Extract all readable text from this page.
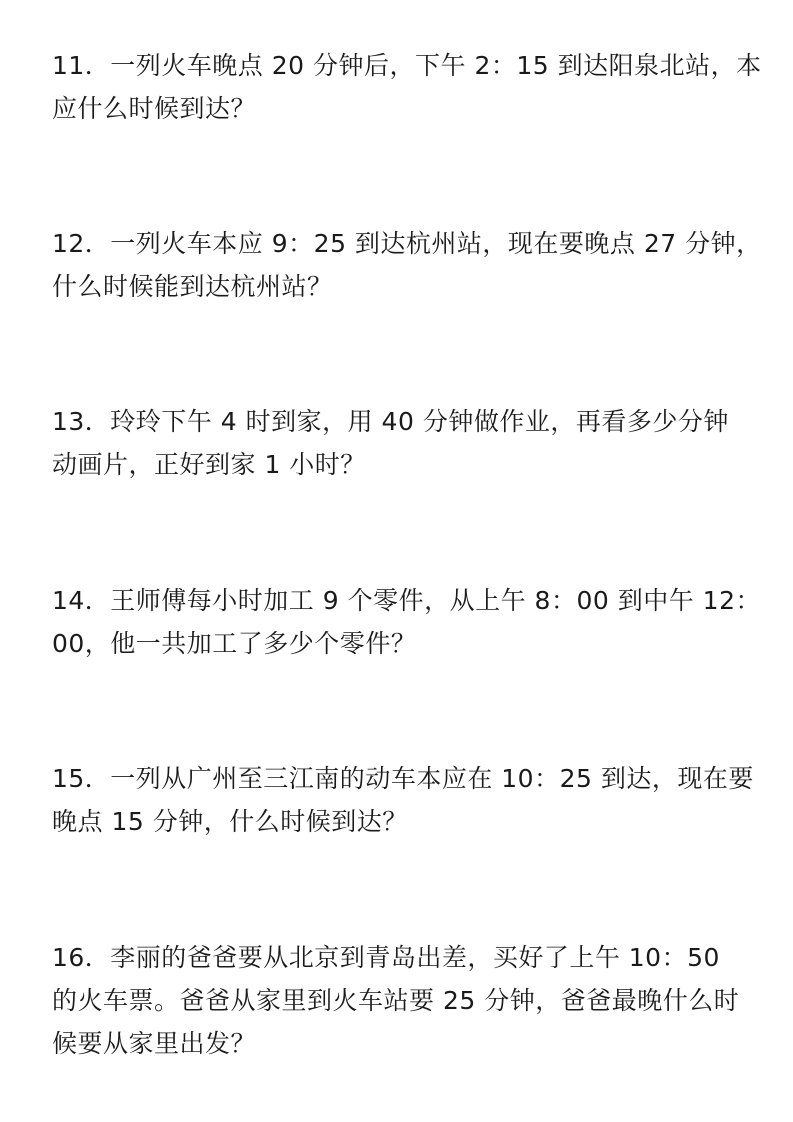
11．一列火车晚点 20 分钟后，下午 2：15 到达阳泉北站，本
应什么时候到达？
12．一列火车本应 9：25 到达杭州站，现在要晚点 27 分钟，
什么时候能到达杭州站？
13．玲玲下午 4 时到家，用 40 分钟做作业，再看多少分钟
动画片，正好到家 1 小时？
14．王师傅每小时加工 9 个零件，从上午 8：00 到中午 12：
00，他一共加工了多少个零件？
15．一列从广州至三江南的动车本应在 10：25 到达，现在要
晚点 15 分钟，什么时候到达？
16．李丽的爸爸要从北京到青岛出差，买好了上午 10：50
的火车票。爸爸从家里到火车站要 25 分钟，爸爸最晚什么时
候要从家里出发？
